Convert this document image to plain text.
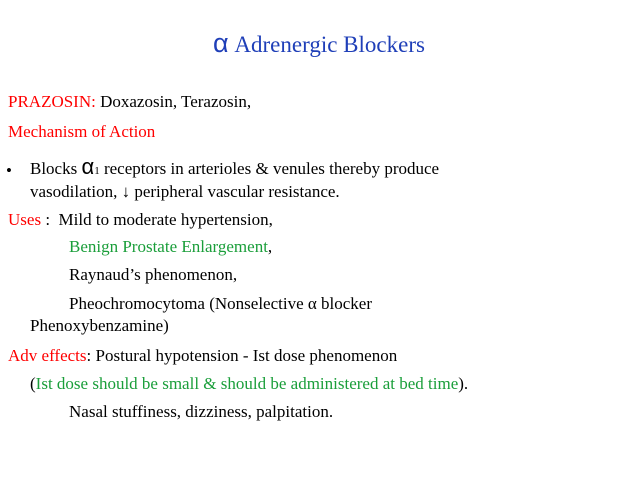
α Adrenergic Blockers
PRAZOSIN: Doxazosin, Terazosin,
Mechanism of Action
• Blocks α1 receptors in arterioles & venules thereby produce
vasodilation, ↓ peripheral vascular resistance.
Uses :  Mild to moderate hypertension,
Benign Prostate Enlargement,
Raynaud’s phenomenon,
Pheochromocytoma (Nonselective α blocker
Phenoxybenzamine)
Adv effects: Postural hypotension - Ist dose phenomenon
(Ist dose should be small & should be administered at bed time).
Nasal stuffiness, dizziness, palpitation.
